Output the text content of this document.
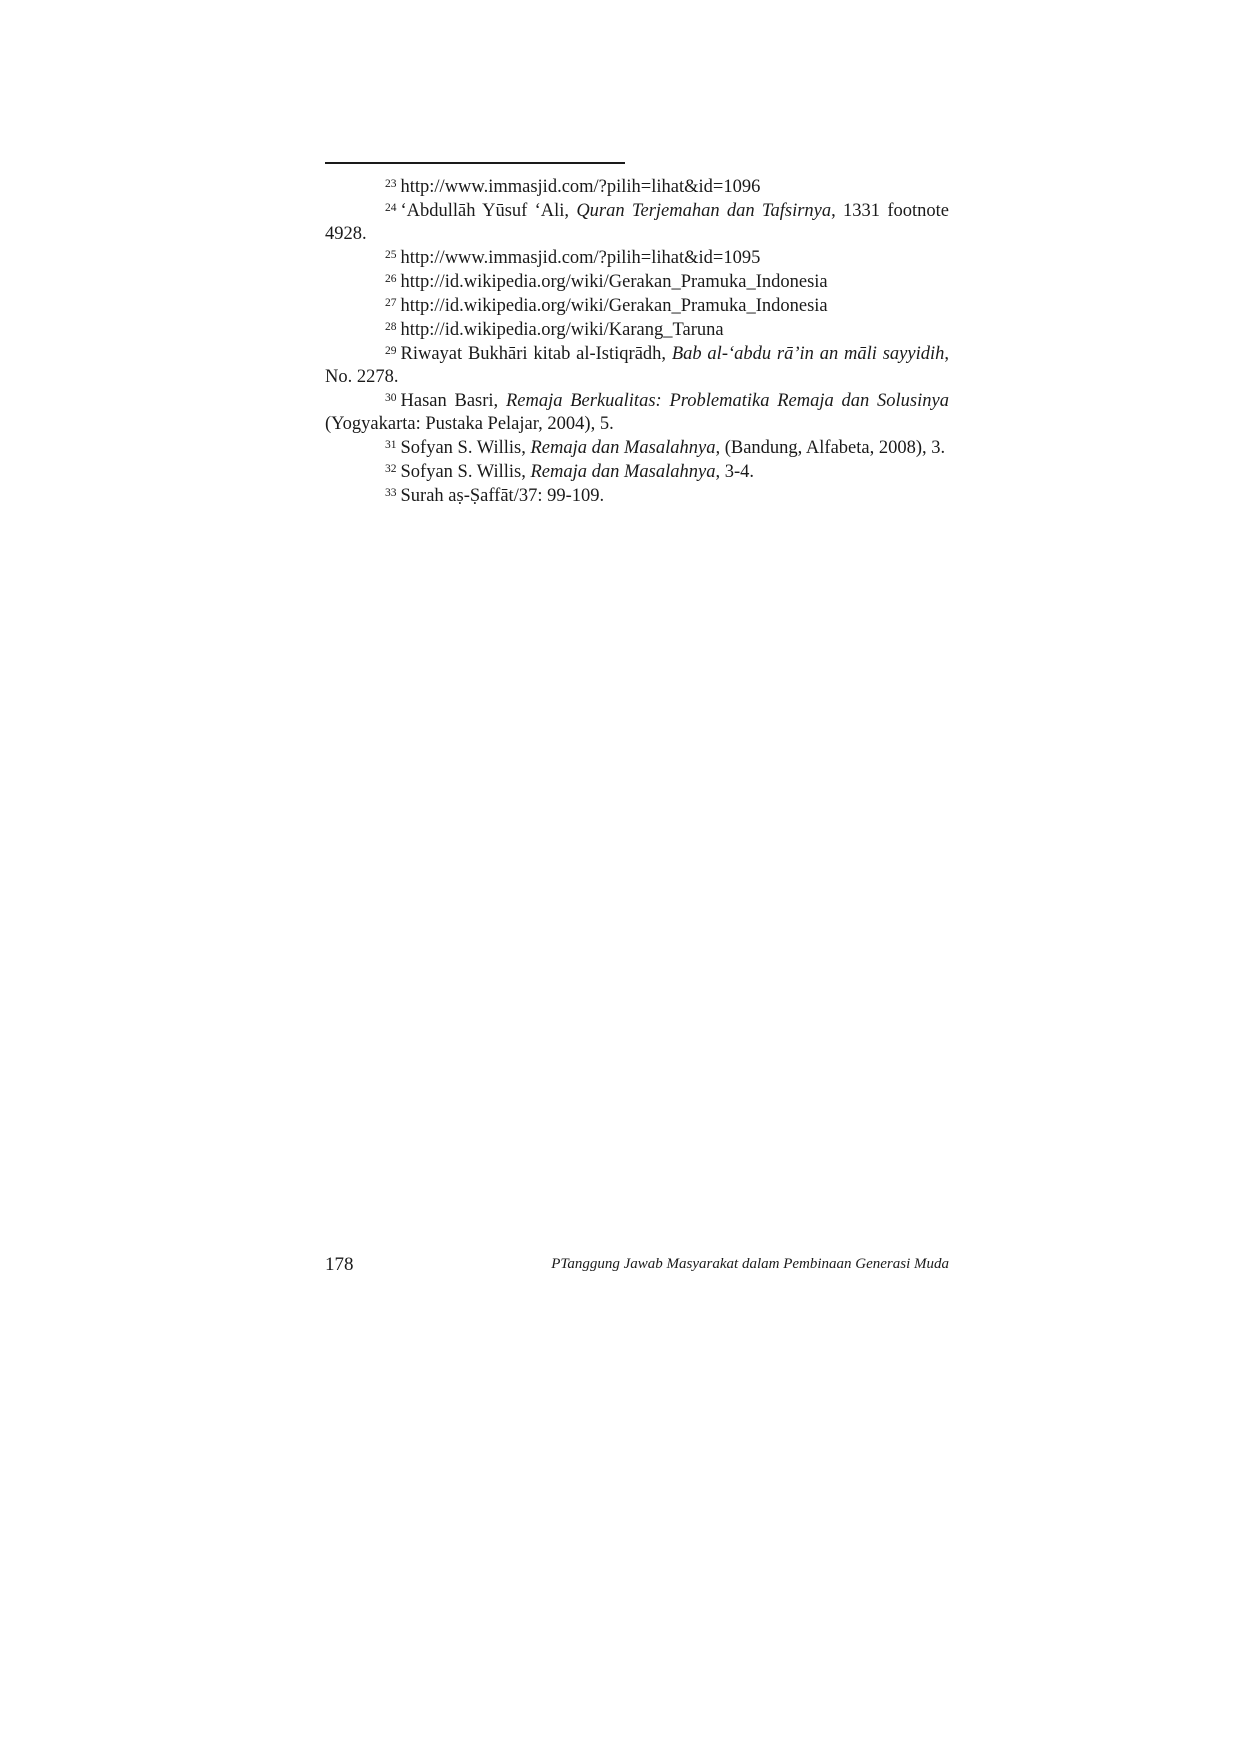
$^{23}$ http://www.immasjid.com/?pilih=lihat&id=1096

$^{24}$ ‘Abdullāh Yūsuf ‘Ali, Quran Terjemahan dan Tafsirnya, 1331 footnote 4928.

$^{25}$ http://www.immasjid.com/?pilih=lihat&id=1095

$^{26}$ http://id.wikipedia.org/wiki/Gerakan_Pramuka_Indonesia

$^{27}$ http://id.wikipedia.org/wiki/Gerakan_Pramuka_Indonesia

$^{28}$ http://id.wikipedia.org/wiki/Karang_Taruna

$^{29}$ Riwayat Bukhāri kitab al-Istiqrādh, Bab al-‘abdu rā’in an māli sayyidih, No. 2278.

$^{30}$ Hasan Basri, Remaja Berkualitas: Problematika Remaja dan Solusinya (Yogyakarta: Pustaka Pelajar, 2004), 5.

$^{31}$ Sofyan S. Willis, Remaja dan Masalahnya, (Bandung, Alfabeta, 2008), 3.

$^{32}$ Sofyan S. Willis, Remaja dan Masalahnya, 3-4.

$^{33}$ Surah aṣ-Ṣaffāt/37: 99-109.

178	PTanggung Jawab Masyarakat dalam Pembinaan Generasi Muda
